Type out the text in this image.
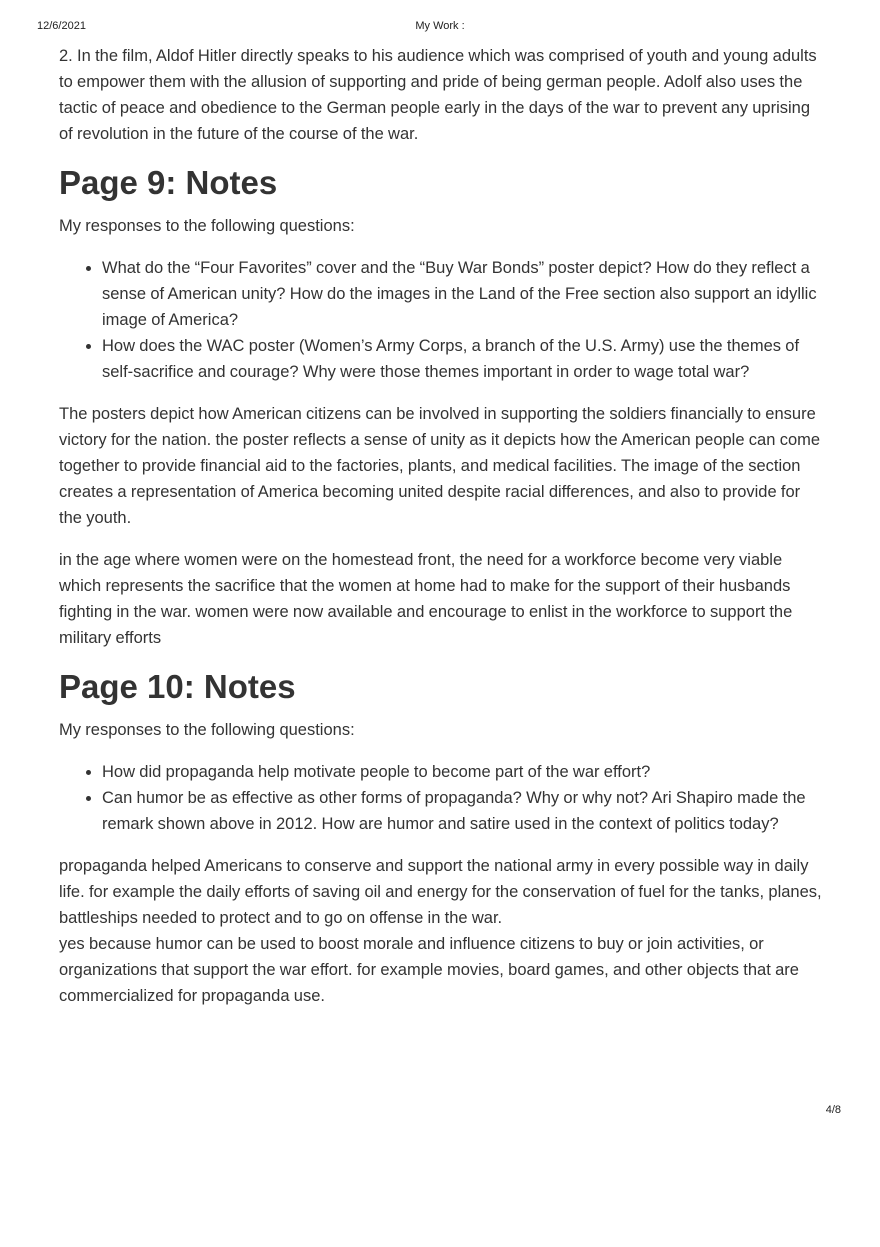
12/6/2021	My Work :

2. In the film, Aldof Hitler directly speaks to his audience which was comprised of youth and young adults to empower them with the allusion of supporting and pride of being german people. Adolf also uses the tactic of peace and obedience to the German people early in the days of the war to prevent any uprising of revolution in the future of the course of the war.

Page 9: Notes

My responses to the following questions:

• What do the “Four Favorites” cover and the “Buy War Bonds” poster depict? How do they reflect a sense of American unity? How do the images in the Land of the Free section also support an idyllic image of America?
• How does the WAC poster (Women’s Army Corps, a branch of the U.S. Army) use the themes of self-sacrifice and courage? Why were those themes important in order to wage total war?

The posters depict how American citizens can be involved in supporting the soldiers financially to ensure victory for the nation. the poster reflects a sense of unity as it depicts how the American people can come together to provide financial aid to the factories, plants, and medical facilities. The image of the section creates a representation of America becoming united despite racial differences, and also to provide for the youth.

in the age where women were on the homestead front, the need for a workforce become very viable which represents the sacrifice that the women at home had to make for the support of their husbands fighting in the war. women were now available and encourage to enlist in the workforce to support the military efforts

Page 10: Notes

My responses to the following questions:

• How did propaganda help motivate people to become part of the war effort?
• Can humor be as effective as other forms of propaganda? Why or why not? Ari Shapiro made the remark shown above in 2012. How are humor and satire used in the context of politics today?

propaganda helped Americans to conserve and support the national army in every possible way in daily life. for example the daily efforts of saving oil and energy for the conservation of fuel for the tanks, planes, battleships needed to protect and to go on offense in the war.
yes because humor can be used to boost morale and influence citizens to buy or join activities, or organizations that support the war effort. for example movies, board games, and other objects that are commercialized for propaganda use.

4/8
